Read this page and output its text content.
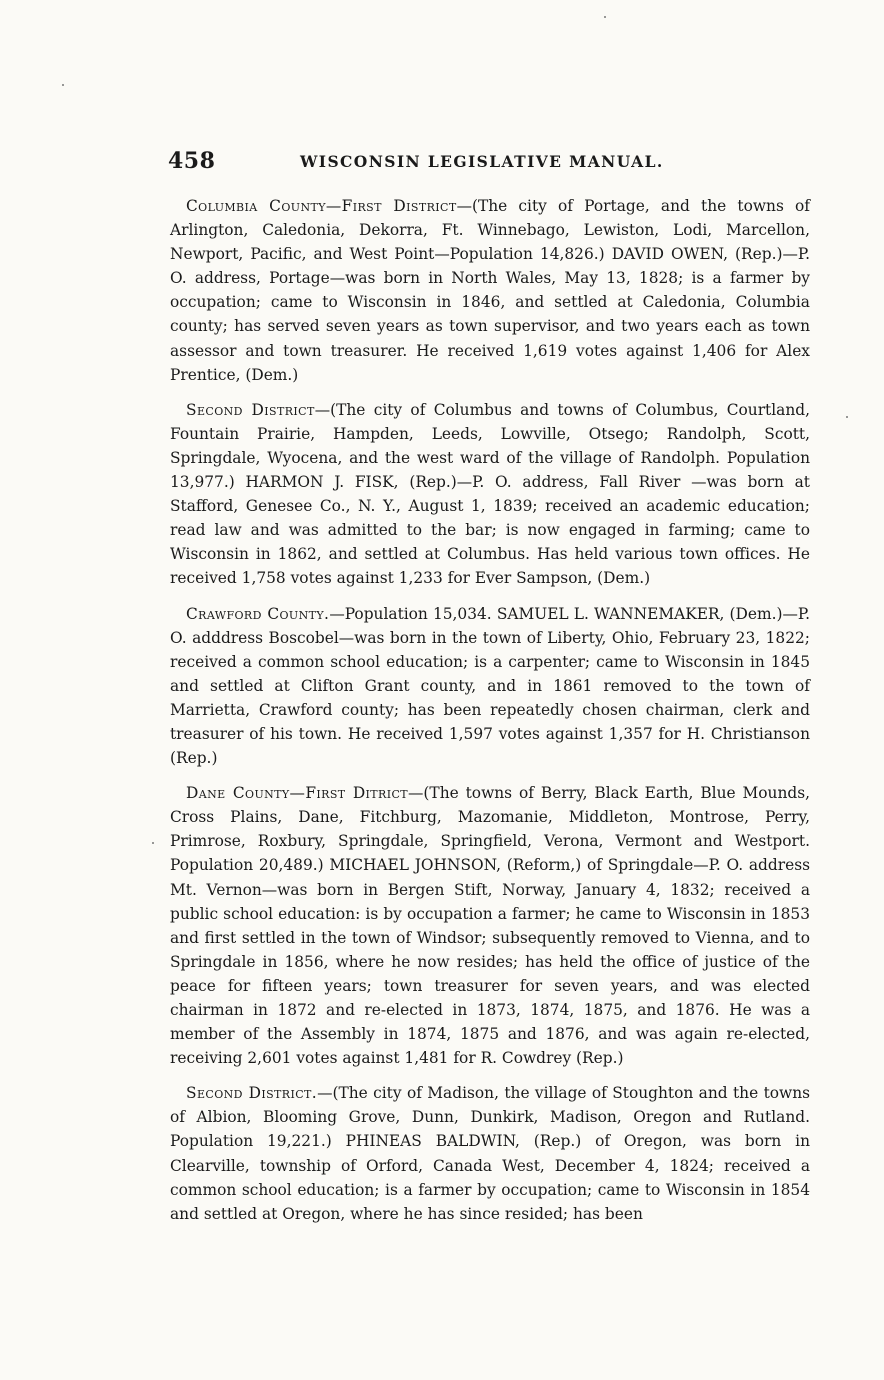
458	WISCONSIN LEGISLATIVE MANUAL.

Columbia County—First District—(The city of Portage, and the towns of Arlington, Caledonia, Dekorra, Ft. Winnebago, Lewiston, Lodi, Marcellon, Newport, Pacific, and West Point—Population 14,826.) DAVID OWEN, (Rep.)—P. O. address, Portage—was born in North Wales, May 13, 1828; is a farmer by occupation; came to Wisconsin in 1846, and settled at Caledonia, Columbia county; has served seven years as town supervisor, and two years each as town assessor and town treasurer. He received 1,619 votes against 1,406 for Alex Prentice, (Dem.)

Second District—(The city of Columbus and towns of Columbus, Courtland, Fountain Prairie, Hampden, Leeds, Lowville, Otsego; Randolph, Scott, Springdale, Wyocena, and the west ward of the village of Randolph. Population 13,977.) HARMON J. FISK, (Rep.)—P. O. address, Fall River —was born at Stafford, Genesee Co., N. Y., August 1, 1839; received an academic education; read law and was admitted to the bar; is now engaged in farming; came to Wisconsin in 1862, and settled at Columbus. Has held various town offices. He received 1,758 votes against 1,233 for Ever Sampson, (Dem.)

Crawford County.—Population 15,034. SAMUEL L. WANNEMAKER, (Dem.)—P. O. adddress Boscobel—was born in the town of Liberty, Ohio, February 23, 1822; received a common school education; is a carpenter; came to Wisconsin in 1845 and settled at Clifton Grant county, and in 1861 removed to the town of Marrietta, Crawford county; has been repeatedly chosen chairman, clerk and treasurer of his town. He received 1,597 votes against 1,357 for H. Christianson (Rep.)

Dane County—First Ditrict—(The towns of Berry, Black Earth, Blue Mounds, Cross Plains, Dane, Fitchburg, Mazomanie, Middleton, Montrose, Perry, Primrose, Roxbury, Springdale, Springfield, Verona, Vermont and Westport. Population 20,489.) MICHAEL JOHNSON, (Reform,) of Springdale—P. O. address Mt. Vernon—was born in Bergen Stift, Norway, January 4, 1832; received a public school education: is by occupation a farmer; he came to Wisconsin in 1853 and first settled in the town of Windsor; subsequently removed to Vienna, and to Springdale in 1856, where he now resides; has held the office of justice of the peace for fifteen years; town treasurer for seven years, and was elected chairman in 1872 and re-elected in 1873, 1874, 1875, and 1876. He was a member of the Assembly in 1874, 1875 and 1876, and was again re-elected, receiving 2,601 votes against 1,481 for R. Cowdrey (Rep.)

Second District.—(The city of Madison, the village of Stoughton and the towns of Albion, Blooming Grove, Dunn, Dunkirk, Madison, Oregon and Rutland. Population 19,221.) PHINEAS BALDWIN, (Rep.) of Oregon, was born in Clearville, township of Orford, Canada West, December 4, 1824; received a common school education; is a farmer by occupation; came to Wisconsin in 1854 and settled at Oregon, where he has since resided; has been
